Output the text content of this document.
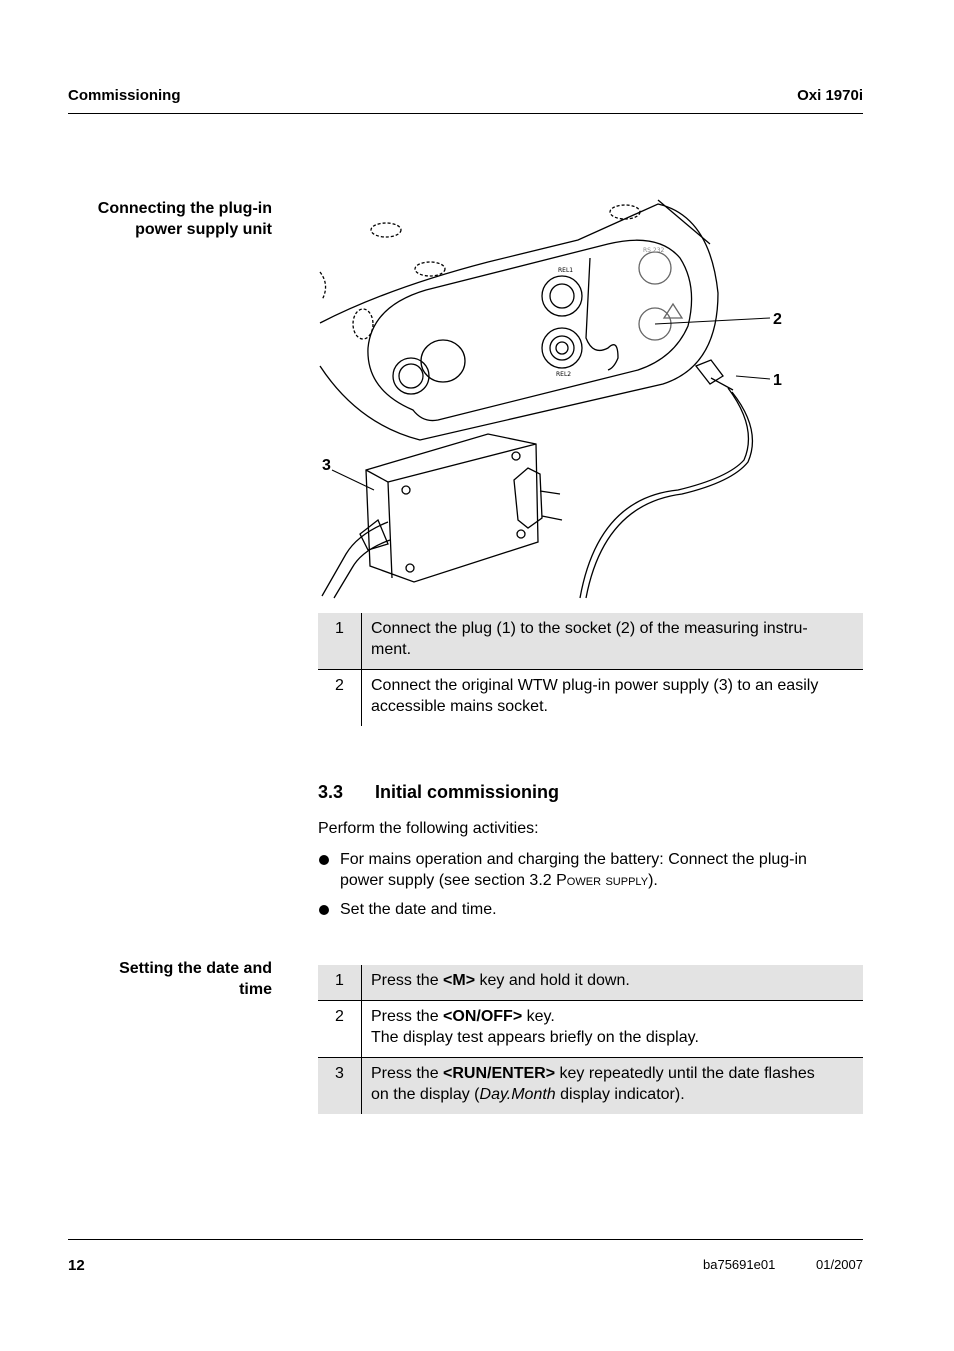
Commissioning	Oxi 1970i
Connecting the plug-in
power supply unit
REL1
REL2
RS 232
2
1
3
1	Connect the plug (1) to the socket (2) of the measuring instru-
ment.

2	Connect the original WTW plug-in power supply (3) to an easily
accessible mains socket.
3.3 Initial commissioning
Perform the following activities:
For mains operation and charging the battery: Connect the plug-in
power supply (see section 3.2 Power supply).
Set the date and time.
Setting the date and
time
1	Press the <M> key and hold it down.
2	Press the <ON/OFF> key.
The display test appears briefly on the display.

3	Press the <RUN/ENTER> key repeatedly until the date flashes
on the display (Day.Month display indicator).
12	ba75691e01	01/2007
